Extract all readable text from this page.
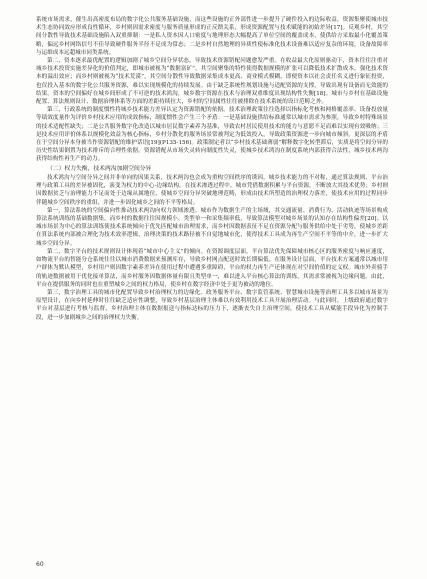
系统市场需求，催生出高密度布局的数字化公共服务基础设施，而这些设施的正外部性进一步提升了硬件投入的边际收益。资源集聚使城市技术生态协同效应形成良性循环，乡村则因需求密度与服务质量形成的正反馈关系，形成资源配置与技术赋能的初始差异[17]。反观乡村，其空间分散性导致技术基础设施陷入双重抑制：一是私人资本因人口密度与地理形态大幅提高了单位空间的覆盖成本，使供给方采取最小化覆盖策略，偏远乡村网络信号不佳导致硬件服务半径不足成为常态；二是乡村自然地理的异质性使标准化技术设备难以适应复杂的环境，设备故障率与运维成本远超城市同类系统。

第二，资本逐求最优配置的逻辑加剧了城乡空间分异状态，导致技术资源错配问题愈发严重。在收益最大化原则驱动下，资本往往注重对城乡技术投资实施差异化的价值判定，即城市被视为“数据富矿”，其空间聚集的特性使得数据规模的扩张可以降低技术扩散成本，强化技术资本的溢出效应；而乡村则被视为“技术荒漠”，其空间分散性导致数据采集成本更高、商业模式模糊，即便资本以社会责任名义进行象征投资，也仅投入基本的数字化公共服务资源，难以实现规模化的持续发展。由于缺乏系统性规划设施与适配资源的支撑，导致出现有设备而无效能的结果。资本的空间偏好在城乡间形成了不可逆的技术鸿沟，城乡数字资源在技术与治理双重维度出现结构性失衡[18]。城市与乡村在基础设施配置、算法规则设计、数据治理体系等方面的差距持续拉大，乡村的空间属性往往被排除在技术系统的设计范畴之外。

第三，行政系统的制度惯性将城乡技术能力差异认定为资源错配的依据。技术治理政策往往选择以指标化考核和网格覆盖率、设备投放量等绩效度量作为评价乡村技术应用的成效指标，制度惯性会产生三个矛盾：一是基础设施供给标准通常以城市需求为参照，导致乡村特殊场景的技术适配性缺失；二是公共服务数字化改造以城市居民数字素养为基准，导致农村居民使用技术的能力与意愿不足而难以实现有效吸纳；三是技术应用评价体系以规模化效益为核心指标，乡村分散化的服务场景常被判定为低效投入，导致政策资源进一步向城市倾斜。更深层的矛盾在于空间分异本身被当作资源错配的维护话语[19](P135-156)。政策制定者以“乡村技术基础薄弱”解释数字化转型滞后，实质是将空间分异的历史性结果倒置为技术排斥的合理性依据。资源错配从市场失灵转向制度性失灵，使城乡技术鸿沟在制度系统内部获得合法性，城乡技术两沟获得结构性再生产的动力。

（二）权力失衡，技术两沟加剧空间分异

技术鸿沟与空间分异之间并非单向的因果关系，技术两沟也会成为重构空间秩序的诱因。城乡技术能力的不对称，通过算法规则、平台治理与政策工具的差异被固化，演变为权力的中心-边缘结构。在技术渗透过程中，城市凭借数据积累与平台资源，不断放大其技术优势；乡村则因数据贫乏与治理能力不足而处于边缘从属地位，使城乡空间分异突破地理范畴，形成由技术所塑造的治理权力落差，使技术应用的过程同步伴随城乡空间秩序的重组，并进一步固化城乡之间的不平等格局。

第一，算法系统的空间偏向性推动技术两沟向权力领域渗透。城市作为数据生产的主场域，其交通流量、消费行为、活动轨迹等场景构成算法系统训练的基础数据集。而乡村的数据往往因规模小、类型单一和采集频率低，导致算法模型对城乡场景的认知存在结构性偏差[20]。以城市场景为中心的算法训练使技术系统倾向于优先匹配城市治理需求，而乡村因数据表征不足在资源分配与服务供给中处于劣势，使城乡差距在算法系统内部被合理化为技术效率逻辑，治理决策的技术路径被不自觉地城市化，使得技术工具成为再生产空间不平等的中介，进一步扩大城乡空间分异。

第二，数字平台的技术规则设计体现着“城市中心主义”的倾向。在资源调度层面，平台算法优先保障城市核心区的服务密度与响应速度，如物流平台的智能分仓系统往往以城市消费数据来预测库存，导致乡村网点配送时效长期偏低。在服务设计层面，平台技术方案通常以城市用户群体为默认模型，乡村用户则因数字素养差异在使用过程中遭遇多重障碍，平台的权力再生产还体现在对空间价值的定义权。城市外卖骑手的轨迹数据被用于优化接单算法，而乡村服务因数据体量有限且类型单一，难以进入平台核心算法的训练，其需求常被视为边缘问题。由此，平台在提供服务的同时也在重塑城乡之间的权力格局，使乡村在数字经济中处于更为被动的地位。

第三，数字治理工具的城市化配置导致乡村治理权力的边缘化。政务服务平台、数字监管系统、智慧城市设施等治理工具多以城市场景为原型设计，在向乡村延伸时往往缺乏适应性调整，导致乡村基层治理主体难以有效利用技术工具开展治理活动。与此同时，上级政府通过数字平台对基层进行考核与监督，乡村治理主体在数据报送与指标达标的压力下，逐渐丧失自主治理空间，使技术工具从赋能手段异化为控制手段，进一步加剧城乡之间的治理权力失衡。

60
